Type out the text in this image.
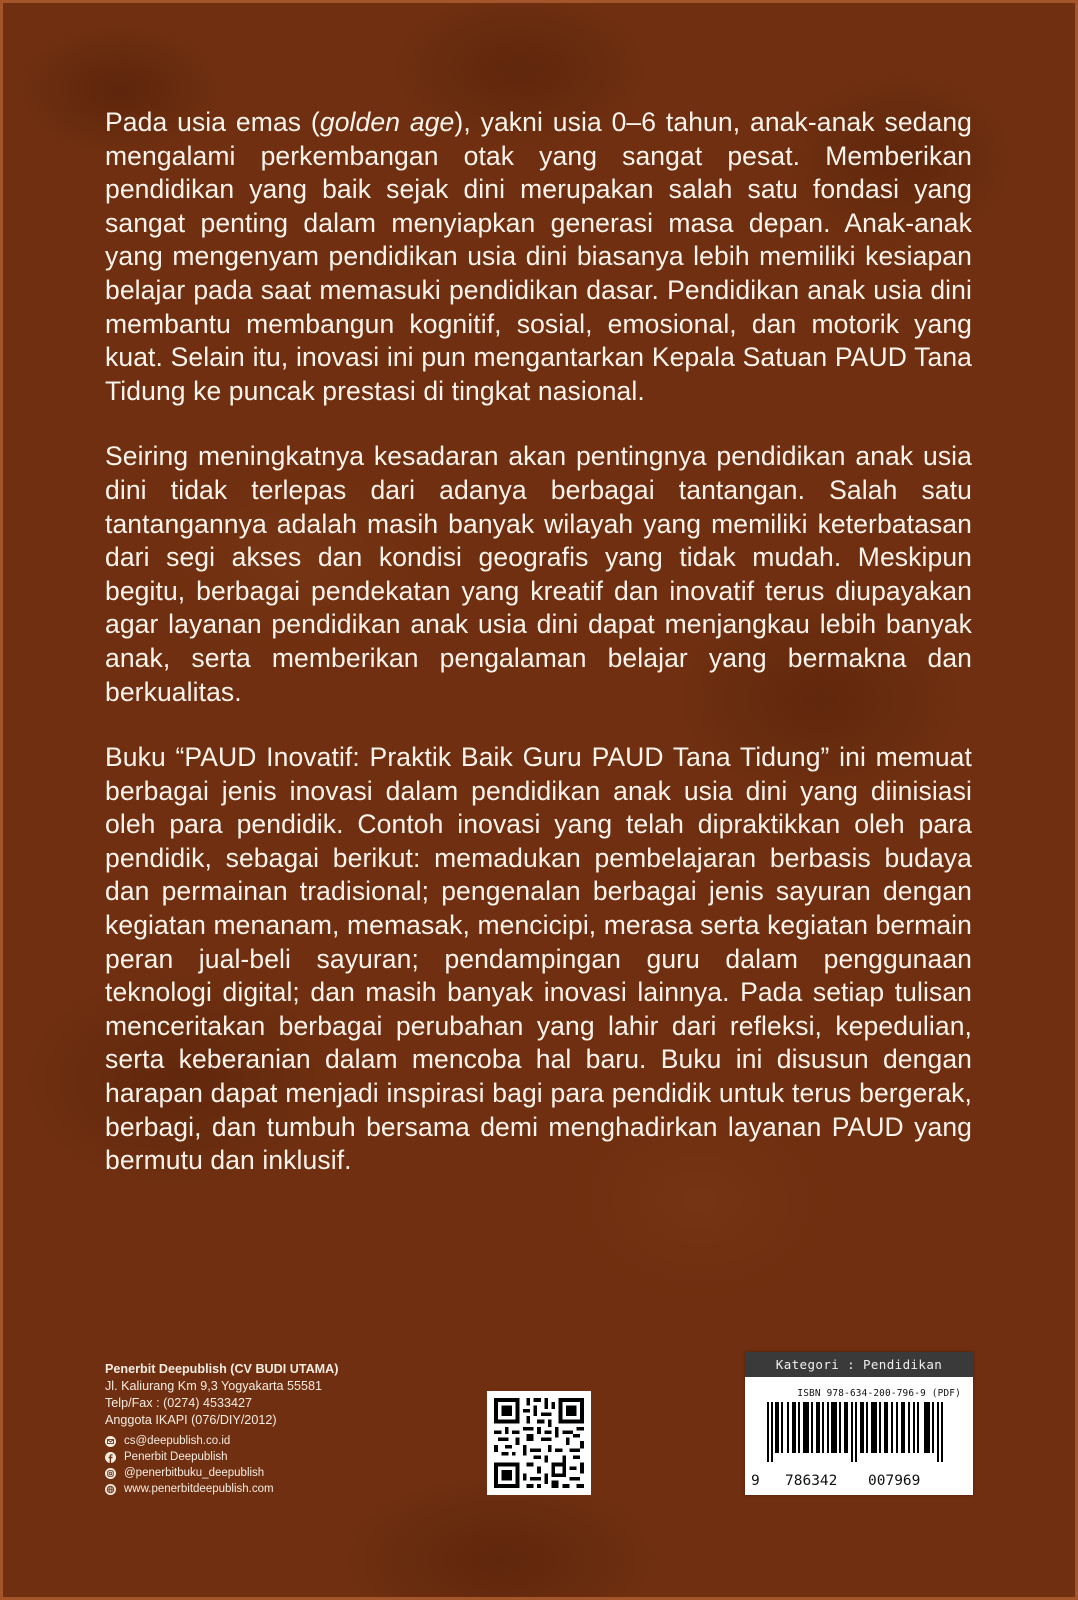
Pada usia emas (golden age), yakni usia 0–6 tahun, anak-anak sedang mengalami perkembangan otak yang sangat pesat. Memberikan pendidikan yang baik sejak dini merupakan salah satu fondasi yang sangat penting dalam menyiapkan generasi masa depan. Anak-anak yang mengenyam pendidikan usia dini biasanya lebih memiliki kesiapan belajar pada saat memasuki pendidikan dasar. Pendidikan anak usia dini membantu membangun kognitif, sosial, emosional, dan motorik yang kuat. Selain itu, inovasi ini pun mengantarkan Kepala Satuan PAUD Tana Tidung ke puncak prestasi di tingkat nasional.

Seiring meningkatnya kesadaran akan pentingnya pendidikan anak usia dini tidak terlepas dari adanya berbagai tantangan. Salah satu tantangannya adalah masih banyak wilayah yang memiliki keterbatasan dari segi akses dan kondisi geografis yang tidak mudah. Meskipun begitu, berbagai pendekatan yang kreatif dan inovatif terus diupayakan agar layanan pendidikan anak usia dini dapat menjangkau lebih banyak anak, serta memberikan pengalaman belajar yang bermakna dan berkualitas.

Buku “PAUD Inovatif: Praktik Baik Guru PAUD Tana Tidung” ini memuat berbagai jenis inovasi dalam pendidikan anak usia dini yang diinisiasi oleh para pendidik. Contoh inovasi yang telah dipraktikkan oleh para pendidik, sebagai berikut: memadukan pembelajaran berbasis budaya dan permainan tradisional; pengenalan berbagai jenis sayuran dengan kegiatan menanam, memasak, mencicipi, merasa serta kegiatan bermain peran jual-beli sayuran; pendampingan guru dalam penggunaan teknologi digital; dan masih banyak inovasi lainnya. Pada setiap tulisan menceritakan berbagai perubahan yang lahir dari refleksi, kepedulian, serta keberanian dalam mencoba hal baru. Buku ini disusun dengan harapan dapat menjadi inspirasi bagi para pendidik untuk terus bergerak, berbagi, dan tumbuh bersama demi menghadirkan layanan PAUD yang bermutu dan inklusif.

Penerbit Deepublish (CV BUDI UTAMA)
Jl. Kaliurang Km 9,3 Yogyakarta 55581
Telp/Fax : (0274) 4533427
Anggota IKAPI (076/DIY/2012)
cs@deepublish.co.id
Penerbit Deepublish
@penerbitbuku_deepublish
www.penerbitdeepublish.com
Kategori : Pendidikan
ISBN 978-634-200-796-9 (PDF)
9 786342 007969
